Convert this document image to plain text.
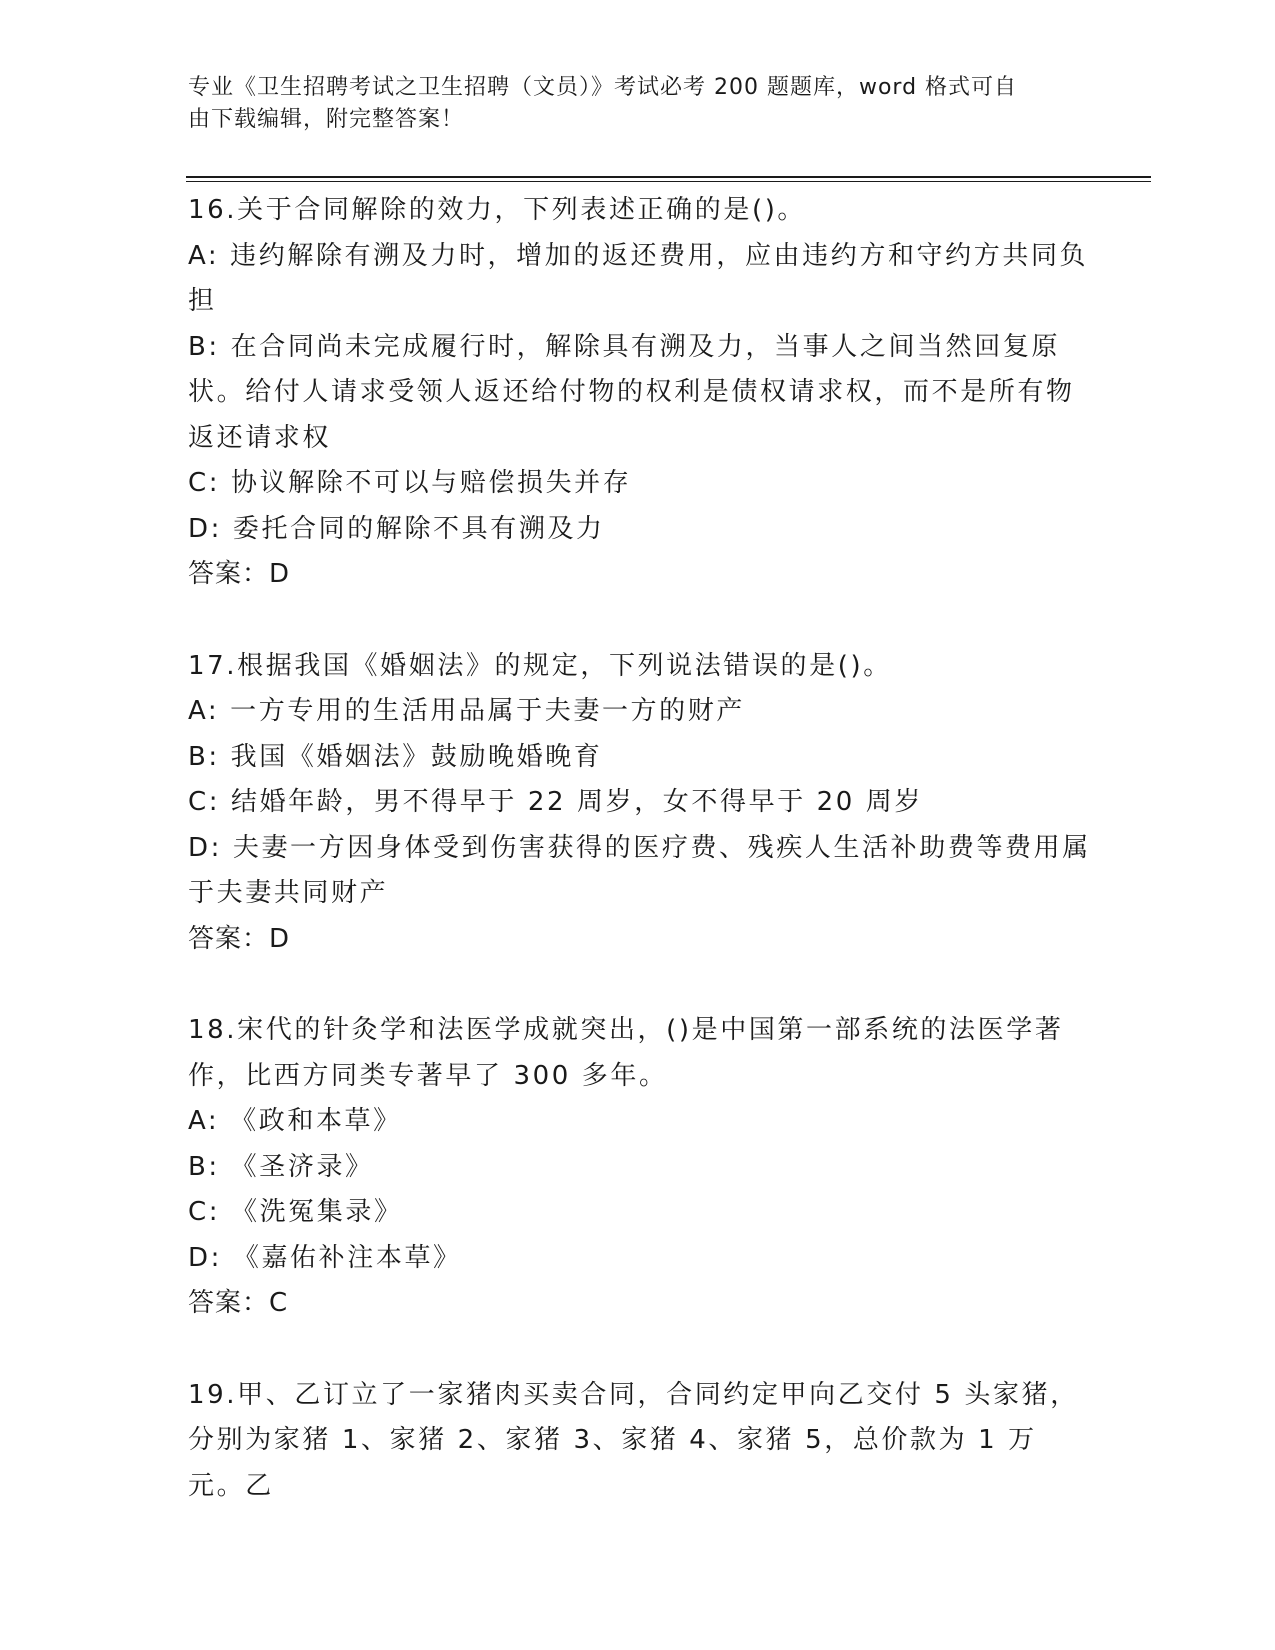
专业《卫生招聘考试之卫生招聘（文员）》考试必考 200 题题库，word 格式可自
由下载编辑，附完整答案！
16.关于合同解除的效力，下列表述正确的是()。
A: 违约解除有溯及力时，增加的返还费用，应由违约方和守约方共同负担
B: 在合同尚未完成履行时，解除具有溯及力，当事人之间当然回复原状。给付人请求受领人返还给付物的权利是债权请求权，而不是所有物返还请求权
C: 协议解除不可以与赔偿损失并存
D: 委托合同的解除不具有溯及力
答案：D
17.根据我国《婚姻法》的规定，下列说法错误的是()。
A: 一方专用的生活用品属于夫妻一方的财产
B: 我国《婚姻法》鼓励晚婚晚育
C: 结婚年龄，男不得早于 22 周岁，女不得早于 20 周岁
D: 夫妻一方因身体受到伤害获得的医疗费、残疾人生活补助费等费用属于夫妻共同财产
答案：D
18.宋代的针灸学和法医学成就突出，()是中国第一部系统的法医学著作，比西方同类专著早了 300 多年。
A: 《政和本草》
B: 《圣济录》
C: 《洗冤集录》
D: 《嘉佑补注本草》
答案：C
19.甲、乙订立了一家猪肉买卖合同，合同约定甲向乙交付 5 头家猪，分别为家猪 1、家猪 2、家猪 3、家猪 4、家猪 5，总价款为 1 万元。乙
